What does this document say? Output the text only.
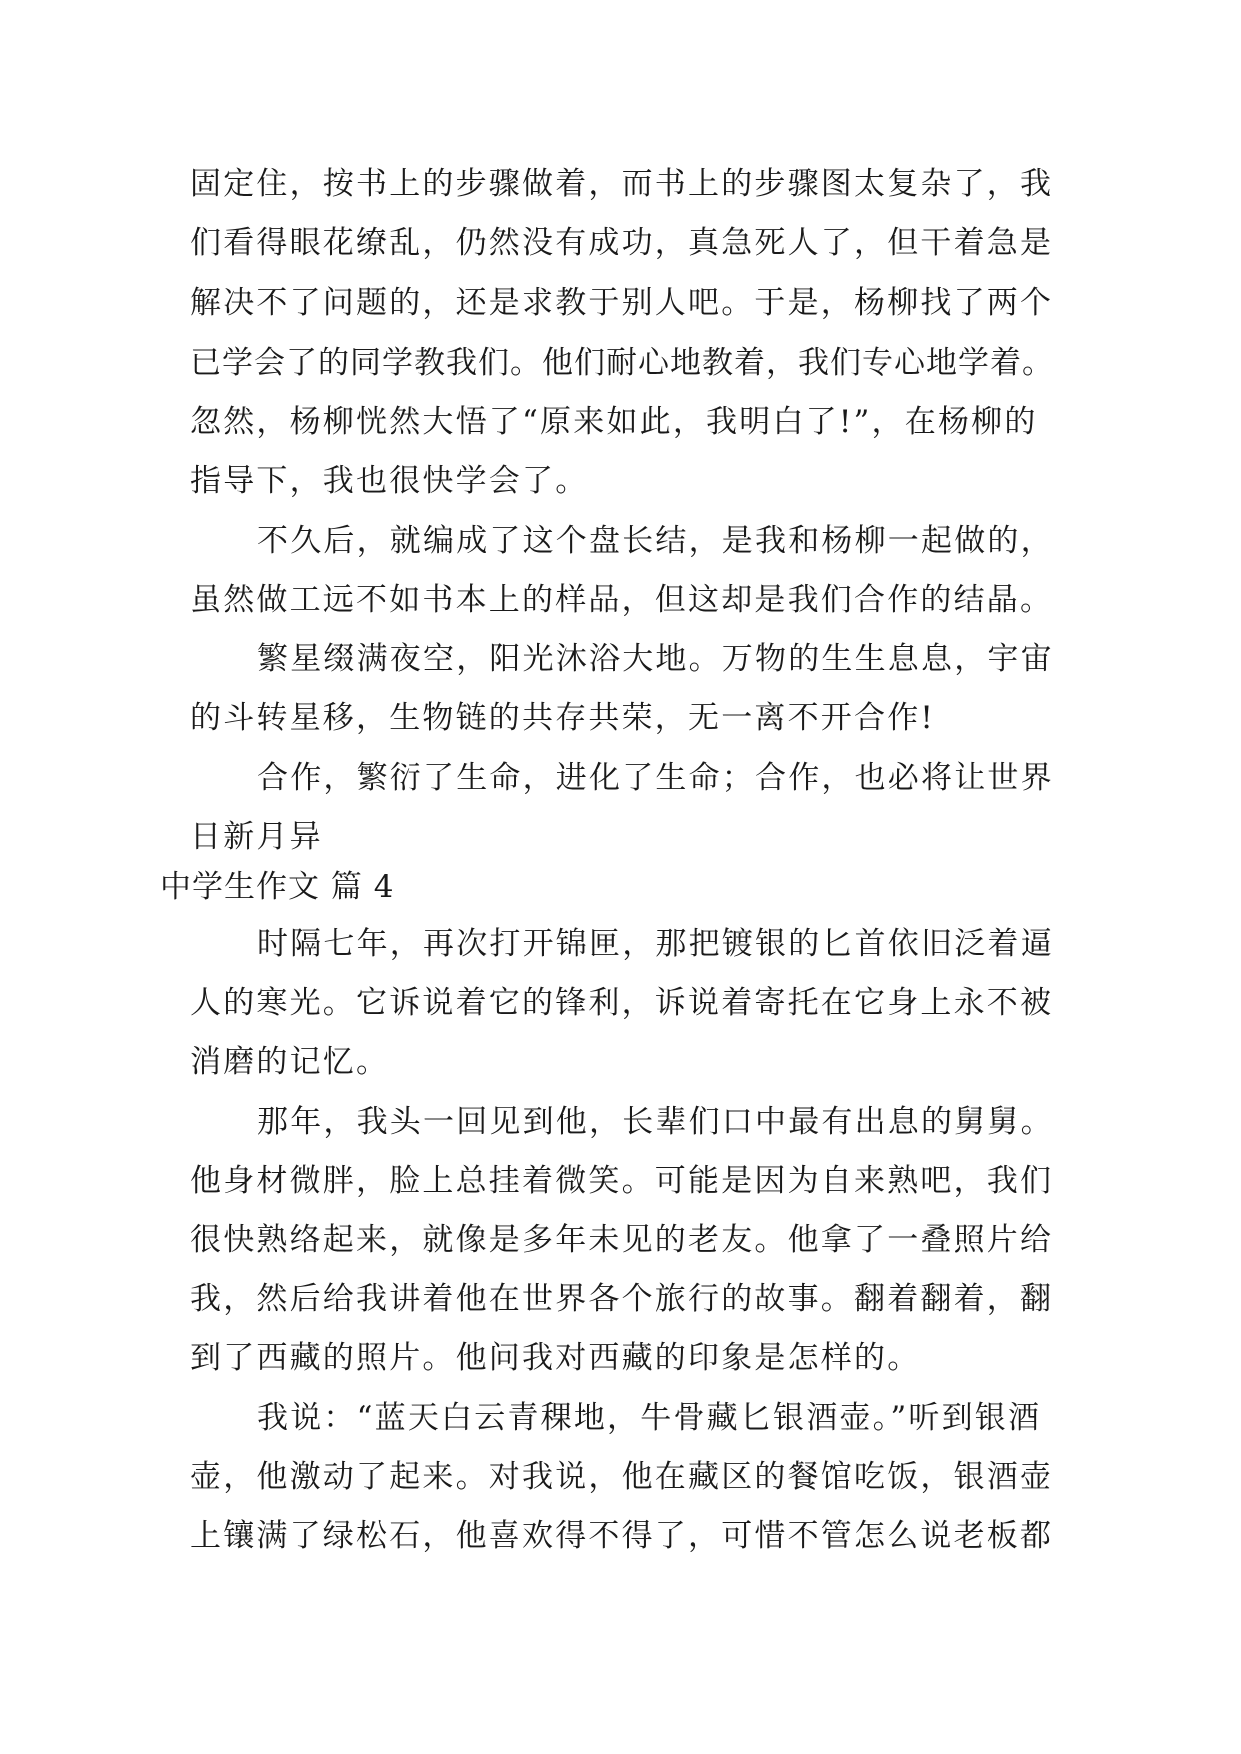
固定住，按书上的步骤做着，而书上的步骤图太复杂了，我
们看得眼花缭乱，仍然没有成功，真急死人了，但干着急是
解决不了问题的，还是求教于别人吧。于是，杨柳找了两个
已学会了的同学教我们。他们耐心地教着，我们专心地学着。
忽然，杨柳恍然大悟了“原来如此，我明白了!”，在杨柳的
指导下，我也很快学会了。
不久后，就编成了这个盘长结，是我和杨柳一起做的，
虽然做工远不如书本上的样品，但这却是我们合作的结晶。
繁星缀满夜空，阳光沐浴大地。万物的生生息息，宇宙
的斗转星移，生物链的共存共荣，无一离不开合作!
合作，繁衍了生命，进化了生命；合作，也必将让世界
日新月异
中学生作文 篇 4
时隔七年，再次打开锦匣，那把镀银的匕首依旧泛着逼
人的寒光。它诉说着它的锋利，诉说着寄托在它身上永不被
消磨的记忆。
那年，我头一回见到他，长辈们口中最有出息的舅舅。
他身材微胖，脸上总挂着微笑。可能是因为自来熟吧，我们
很快熟络起来，就像是多年未见的老友。他拿了一叠照片给
我，然后给我讲着他在世界各个旅行的故事。翻着翻着，翻
到了西藏的照片。他问我对西藏的印象是怎样的。
我说：“蓝天白云青稞地，牛骨藏匕银酒壶。”听到银酒
壶，他激动了起来。对我说，他在藏区的餐馆吃饭，银酒壶
上镶满了绿松石，他喜欢得不得了，可惜不管怎么说老板都
